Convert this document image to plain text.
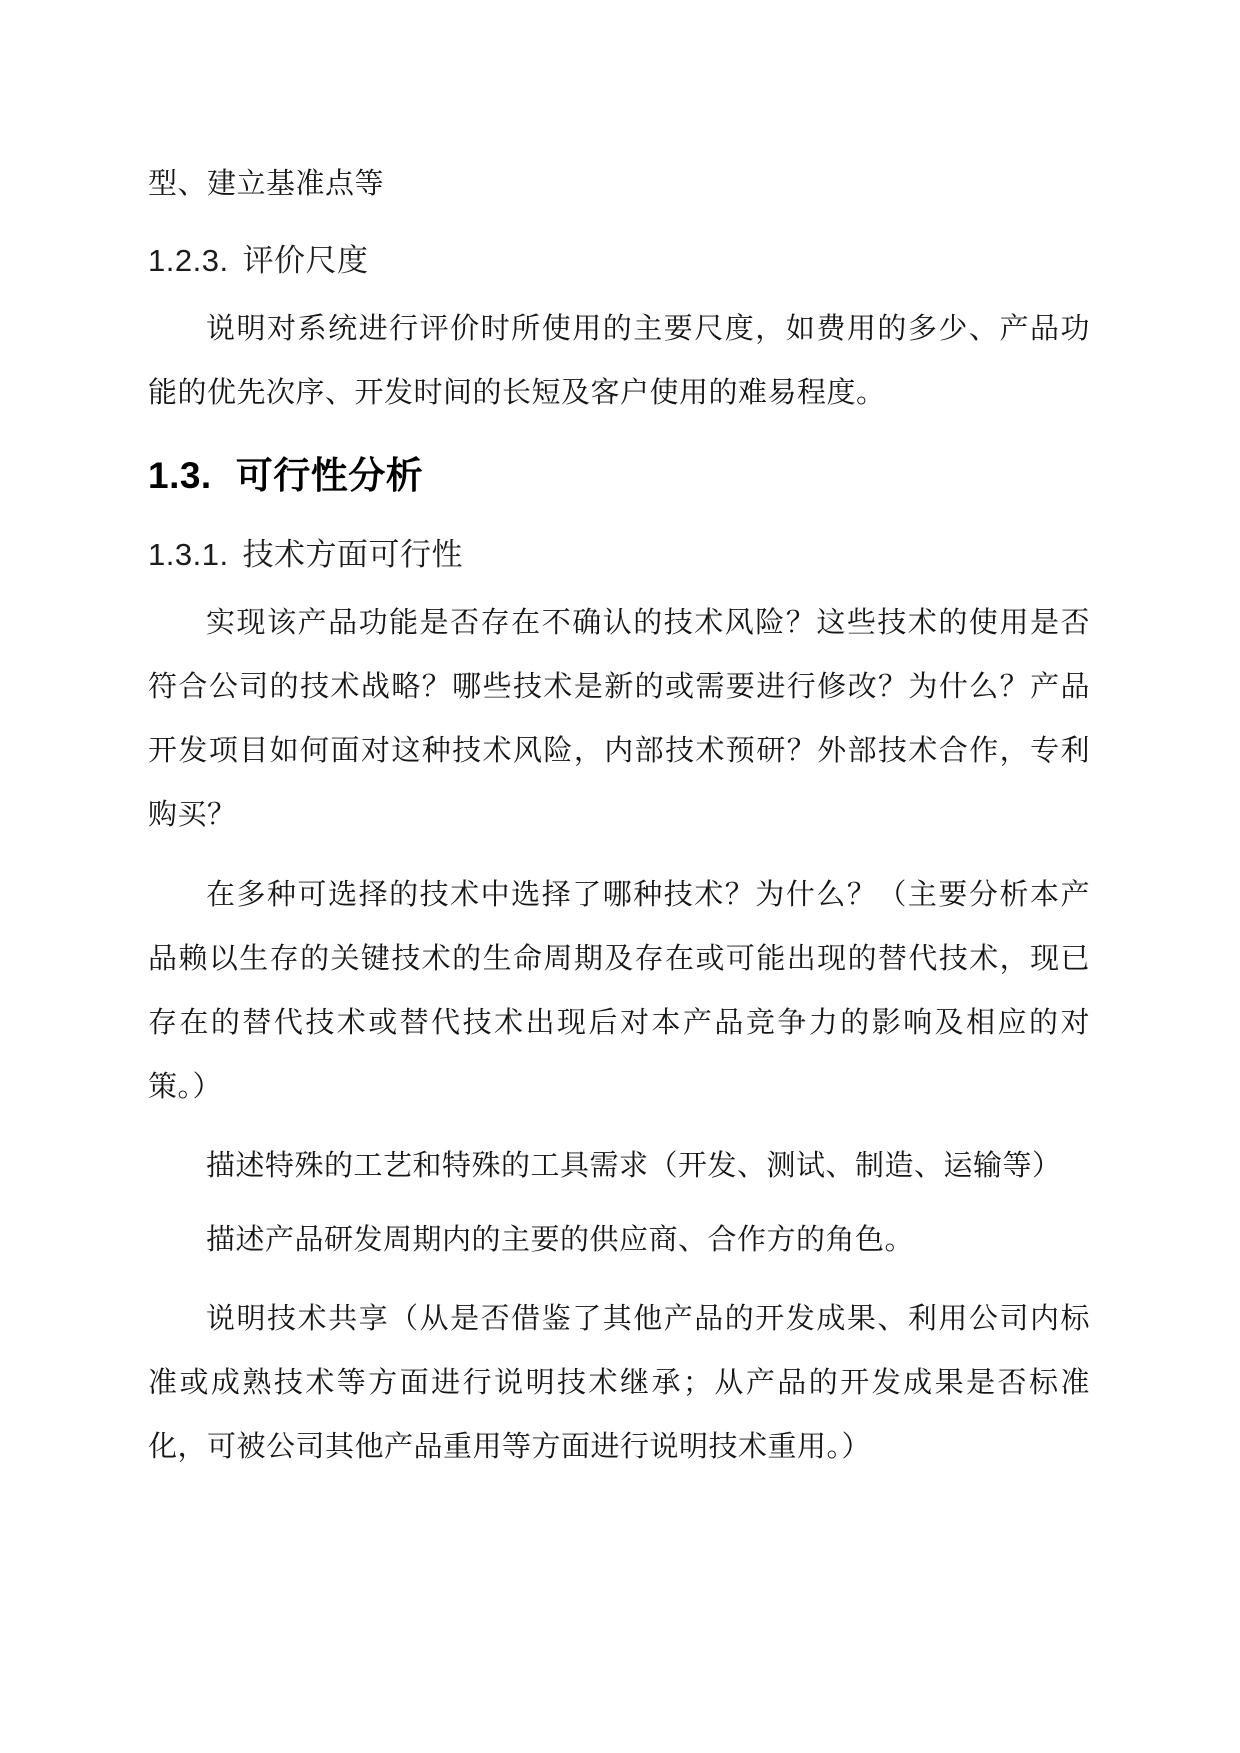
型、建立基准点等

1.2.3. 评价尺度

说明对系统进行评价时所使用的主要尺度，如费用的多少、产品功能的优先次序、开发时间的长短及客户使用的难易程度。

1.3. 可行性分析
1.3.1. 技术方面可行性

实现该产品功能是否存在不确认的技术风险？这些技术的使用是否符合公司的技术战略？哪些技术是新的或需要进行修改？为什么？产品开发项目如何面对这种技术风险，内部技术预研？外部技术合作，专利购买？

在多种可选择的技术中选择了哪种技术？为什么？（主要分析本产品赖以生存的关键技术的生命周期及存在或可能出现的替代技术，现已存在的替代技术或替代技术出现后对本产品竞争力的影响及相应的对策。）

描述特殊的工艺和特殊的工具需求（开发、测试、制造、运输等）

描述产品研发周期内的主要的供应商、合作方的角色。

说明技术共享（从是否借鉴了其他产品的开发成果、利用公司内标准或成熟技术等方面进行说明技术继承；从产品的开发成果是否标准化，可被公司其他产品重用等方面进行说明技术重用。）
